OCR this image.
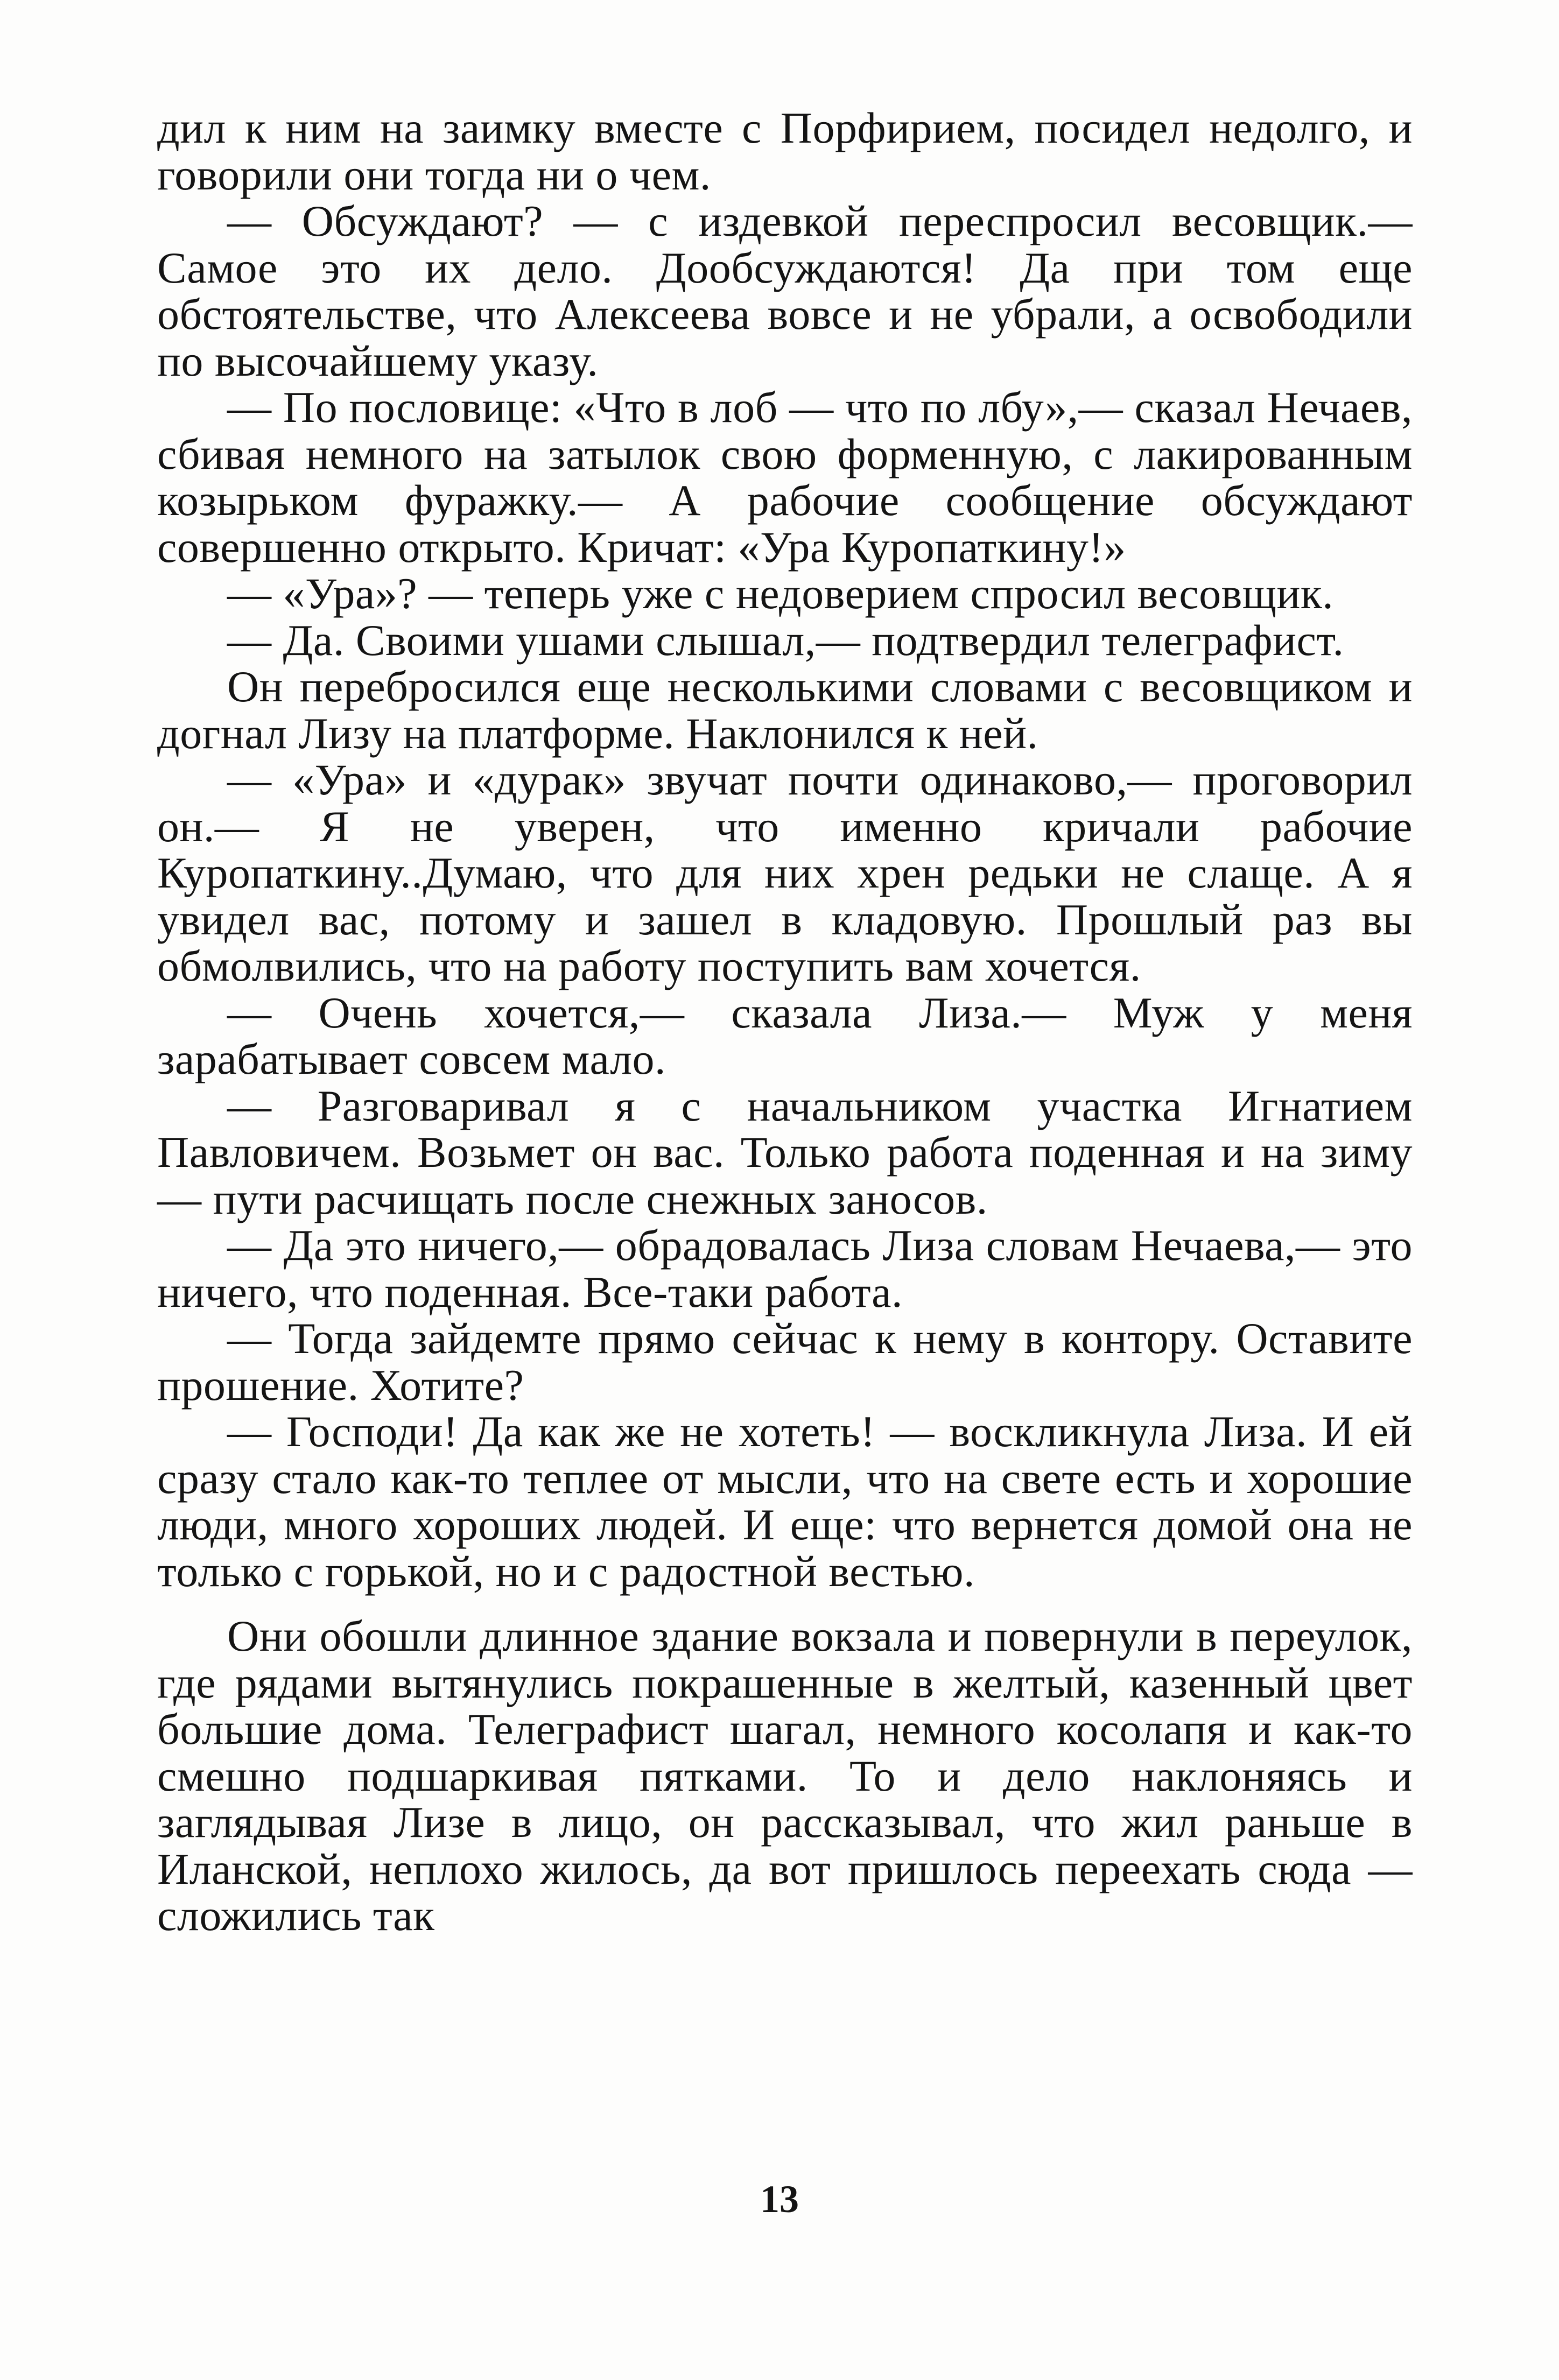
дил к ним на заимку вместе с Порфирием, посидел недолго, и говорили они тогда ни о чем.

— Обсуждают? — с издевкой переспросил весовщик.— Самое это их дело. Дообсуждаются! Да при том еще обстоятельстве, что Алексеева вовсе и не убрали, а освободили по высочайшему указу.

— По пословице: «Что в лоб — что по лбу»,— сказал Нечаев, сбивая немного на затылок свою форменную, с лакированным козырьком фуражку.— А рабочие сообщение обсуждают совершенно открыто. Кричат: «Ура Куропаткину!»

— «Ура»? — теперь уже с недоверием спросил весовщик.

— Да. Своими ушами слышал,— подтвердил телеграфист.

Он перебросился еще несколькими словами с весовщиком и догнал Лизу на платформе. Наклонился к ней.

— «Ура» и «дурак» звучат почти одинаково,— проговорил он.— Я не уверен, что именно кричали рабочие Куропаткину..Думаю, что для них хрен редьки не слаще. А я увидел вас, потому и зашел в кладовую. Прошлый раз вы обмолвились, что на работу поступить вам хочется.

— Очень хочется,— сказала Лиза.— Муж у меня зарабатывает совсем мало.

— Разговаривал я с начальником участка Игнатием Павловичем. Возьмет он вас. Только работа поденная и на зиму — пути расчищать после снежных заносов.

— Да это ничего,— обрадовалась Лиза словам Нечаева,— это ничего, что поденная. Все-таки работа.

— Тогда зайдемте прямо сейчас к нему в контору. Оставите прошение. Хотите?

— Господи! Да как же не хотеть! — воскликнула Лиза. И ей сразу стало как-то теплее от мысли, что на свете есть и хорошие люди, много хороших людей. И еще: что вернется домой она не только с горькой, но и с радостной вестью.

Они обошли длинное здание вокзала и повернули в переулок, где рядами вытянулись покрашенные в желтый, казенный цвет большие дома. Телеграфист шагал, немного косолапя и как-то смешно подшаркивая пятками. То и дело наклоняясь и заглядывая Лизе в лицо, он рассказывал, что жил раньше в Иланской, неплохо жилось, да вот пришлось переехать сюда — сложились так

13
